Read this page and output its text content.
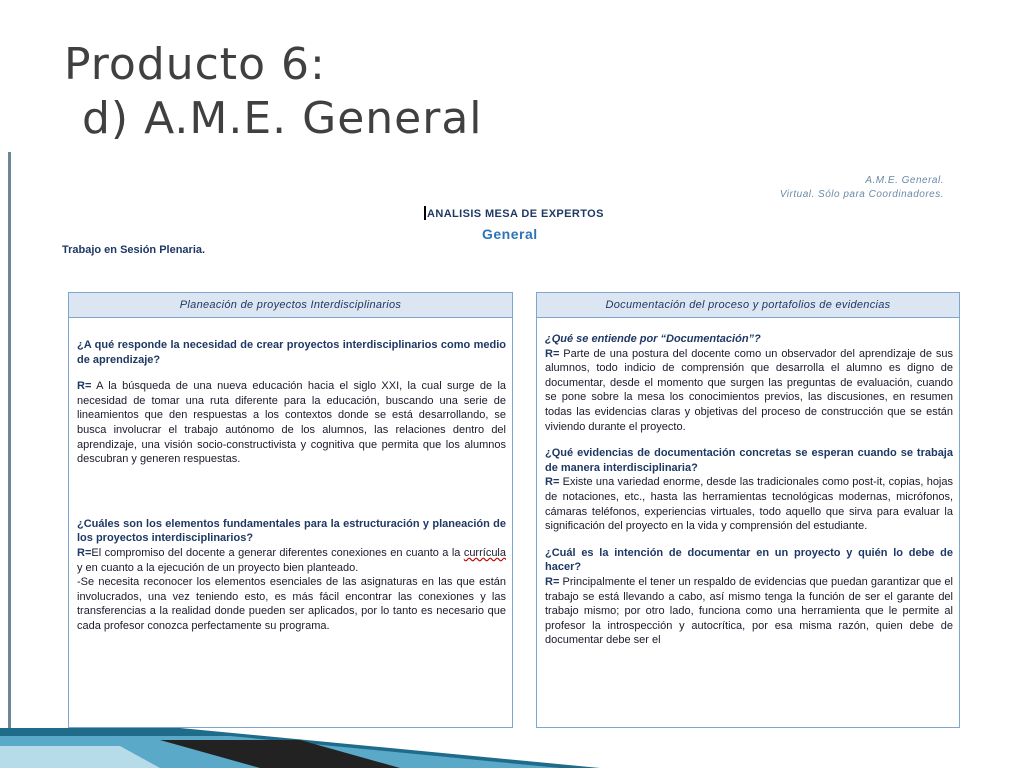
Producto 6:
d) A.M.E. General
A.M.E. General.
Virtual. Sólo para Coordinadores.
ANALISIS MESA DE EXPERTOS
General
Trabajo en Sesión Plenaria.
Planeación de proyectos Interdisciplinarios

¿A qué responde la necesidad de crear proyectos interdisciplinarios como medio de aprendizaje?

R= A la búsqueda de una nueva educación hacia el siglo XXI, la cual surge de la necesidad de tomar una ruta diferente para la educación, buscando una serie de lineamientos que den respuestas a los contextos donde se está desarrollando, se busca involucrar el trabajo autónomo de los alumnos, las relaciones dentro del aprendizaje, una visión socio-constructivista y cognitiva que permita que los alumnos descubran y generen respuestas.

¿Cuáles son los elementos fundamentales para la estructuración y planeación de los proyectos interdisciplinarios?

R=El compromiso del docente a generar diferentes conexiones en cuanto a la currícula y en cuanto a la ejecución de un proyecto bien planteado.

-Se necesita reconocer los elementos esenciales de las asignaturas en las que están involucrados, una vez teniendo esto, es más fácil encontrar las conexiones y las transferencias a la realidad donde pueden ser aplicados, por lo tanto es necesario que cada profesor conozca perfectamente su programa.

Documentación del proceso y portafolios de evidencias

¿Qué se entiende por “Documentación”?

R= Parte de una postura del docente como un observador del aprendizaje de sus alumnos, todo indicio de comprensión que desarrolla el alumno es digno de documentar, desde el momento que surgen las preguntas de evaluación, cuando se pone sobre la mesa los conocimientos previos, las discusiones, en resumen todas las evidencias claras y objetivas del proceso de construcción que se están viviendo durante el proyecto.

¿Qué evidencias de documentación concretas se esperan cuando se trabaja de manera interdisciplinaria?

R= Existe una variedad enorme, desde las tradicionales como post-it, copias, hojas de notaciones, etc., hasta las herramientas tecnológicas modernas, micrófonos, cámaras teléfonos, experiencias virtuales, todo aquello que sirva para evaluar la significación del proyecto en la vida y comprensión del estudiante.

¿Cuál es la intención de documentar en un proyecto y quién lo debe de hacer?

R= Principalmente el tener un respaldo de evidencias que puedan garantizar que el trabajo se está llevando a cabo, así mismo tenga la función de ser el garante del trabajo mismo; por otro lado, funciona como una herramienta que le permite al profesor la introspección y autocrítica, por esa misma razón, quien debe de documentar debe ser el
